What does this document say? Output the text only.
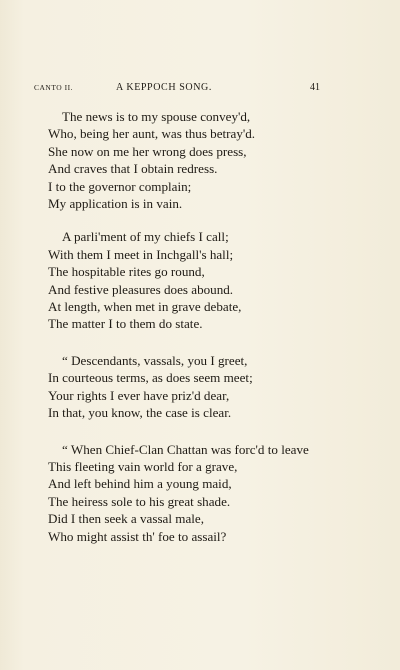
CANTO II.	A KEPPOCH SONG.	41
The news is to my spouse convey'd,
Who, being her aunt, was thus betray'd.
She now on me her wrong does press,
And craves that I obtain redress.
I to the governor complain;
My application is in vain.
A parli'ment of my chiefs I call;
With them I meet in Inchgall's hall;
The hospitable rites go round,
And festive pleasures does abound.
At length, when met in grave debate,
The matter I to them do state.
“ Descendants, vassals, you I greet,
In courteous terms, as does seem meet;
Your rights I ever have priz'd dear,
In that, you know, the case is clear.
“ When Chief-Clan Chattan was forc'd to leave
This fleeting vain world for a grave,
And left behind him a young maid,
The heiress sole to his great shade.
Did I then seek a vassal male,
Who might assist th' foe to assail?
